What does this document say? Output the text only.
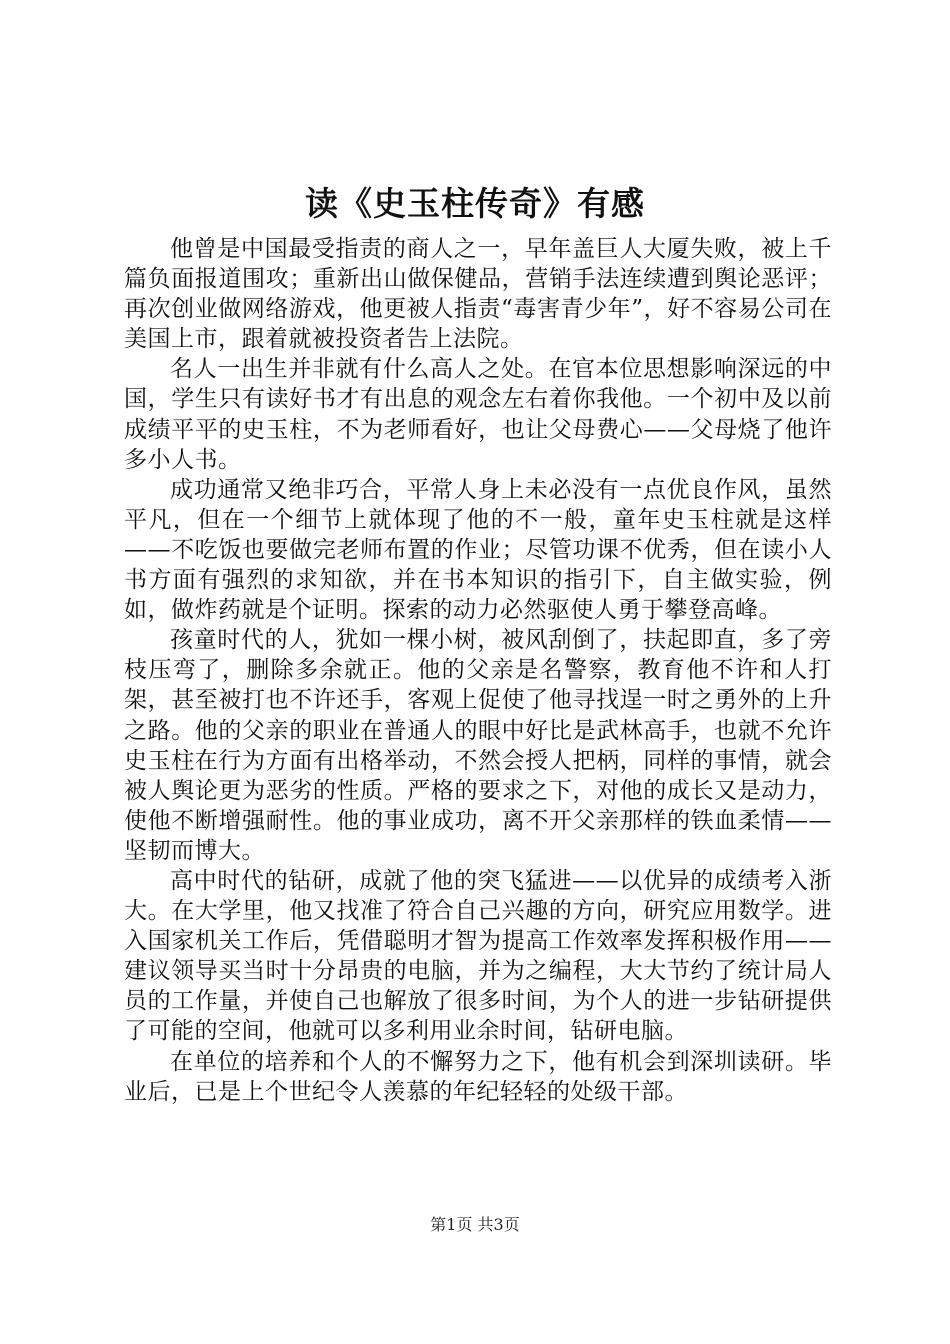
读《史玉柱传奇》有感

他曾是中国最受指责的商人之一，早年盖巨人大厦失败，被上千篇负面报道围攻；重新出山做保健品，营销手法连续遭到舆论恶评；再次创业做网络游戏，他更被人指责“毒害青少年”，好不容易公司在美国上市，跟着就被投资者告上法院。

名人一出生并非就有什么高人之处。在官本位思想影响深远的中国，学生只有读好书才有出息的观念左右着你我他。一个初中及以前成绩平平的史玉柱，不为老师看好，也让父母费心——父母烧了他许多小人书。

成功通常又绝非巧合，平常人身上未必没有一点优良作风，虽然平凡，但在一个细节上就体现了他的不一般，童年史玉柱就是这样——不吃饭也要做完老师布置的作业；尽管功课不优秀，但在读小人书方面有强烈的求知欲，并在书本知识的指引下，自主做实验，例如，做炸药就是个证明。探索的动力必然驱使人勇于攀登高峰。

孩童时代的人，犹如一棵小树，被风刮倒了，扶起即直，多了旁枝压弯了，删除多余就正。他的父亲是名警察，教育他不许和人打架，甚至被打也不许还手，客观上促使了他寻找逞一时之勇外的上升之路。他的父亲的职业在普通人的眼中好比是武林高手，也就不允许史玉柱在行为方面有出格举动，不然会授人把柄，同样的事情，就会被人舆论更为恶劣的性质。严格的要求之下，对他的成长又是动力，使他不断增强耐性。他的事业成功，离不开父亲那样的铁血柔情——坚韧而博大。

高中时代的钻研，成就了他的突飞猛进——以优异的成绩考入浙大。在大学里，他又找准了符合自己兴趣的方向，研究应用数学。进入国家机关工作后，凭借聪明才智为提高工作效率发挥积极作用——建议领导买当时十分昂贵的电脑，并为之编程，大大节约了统计局人员的工作量，并使自己也解放了很多时间，为个人的进一步钻研提供了可能的空间，他就可以多利用业余时间，钻研电脑。

在单位的培养和个人的不懈努力之下，他有机会到深圳读研。毕业后，已是上个世纪令人羡慕的年纪轻轻的处级干部。

第1页 共3页
